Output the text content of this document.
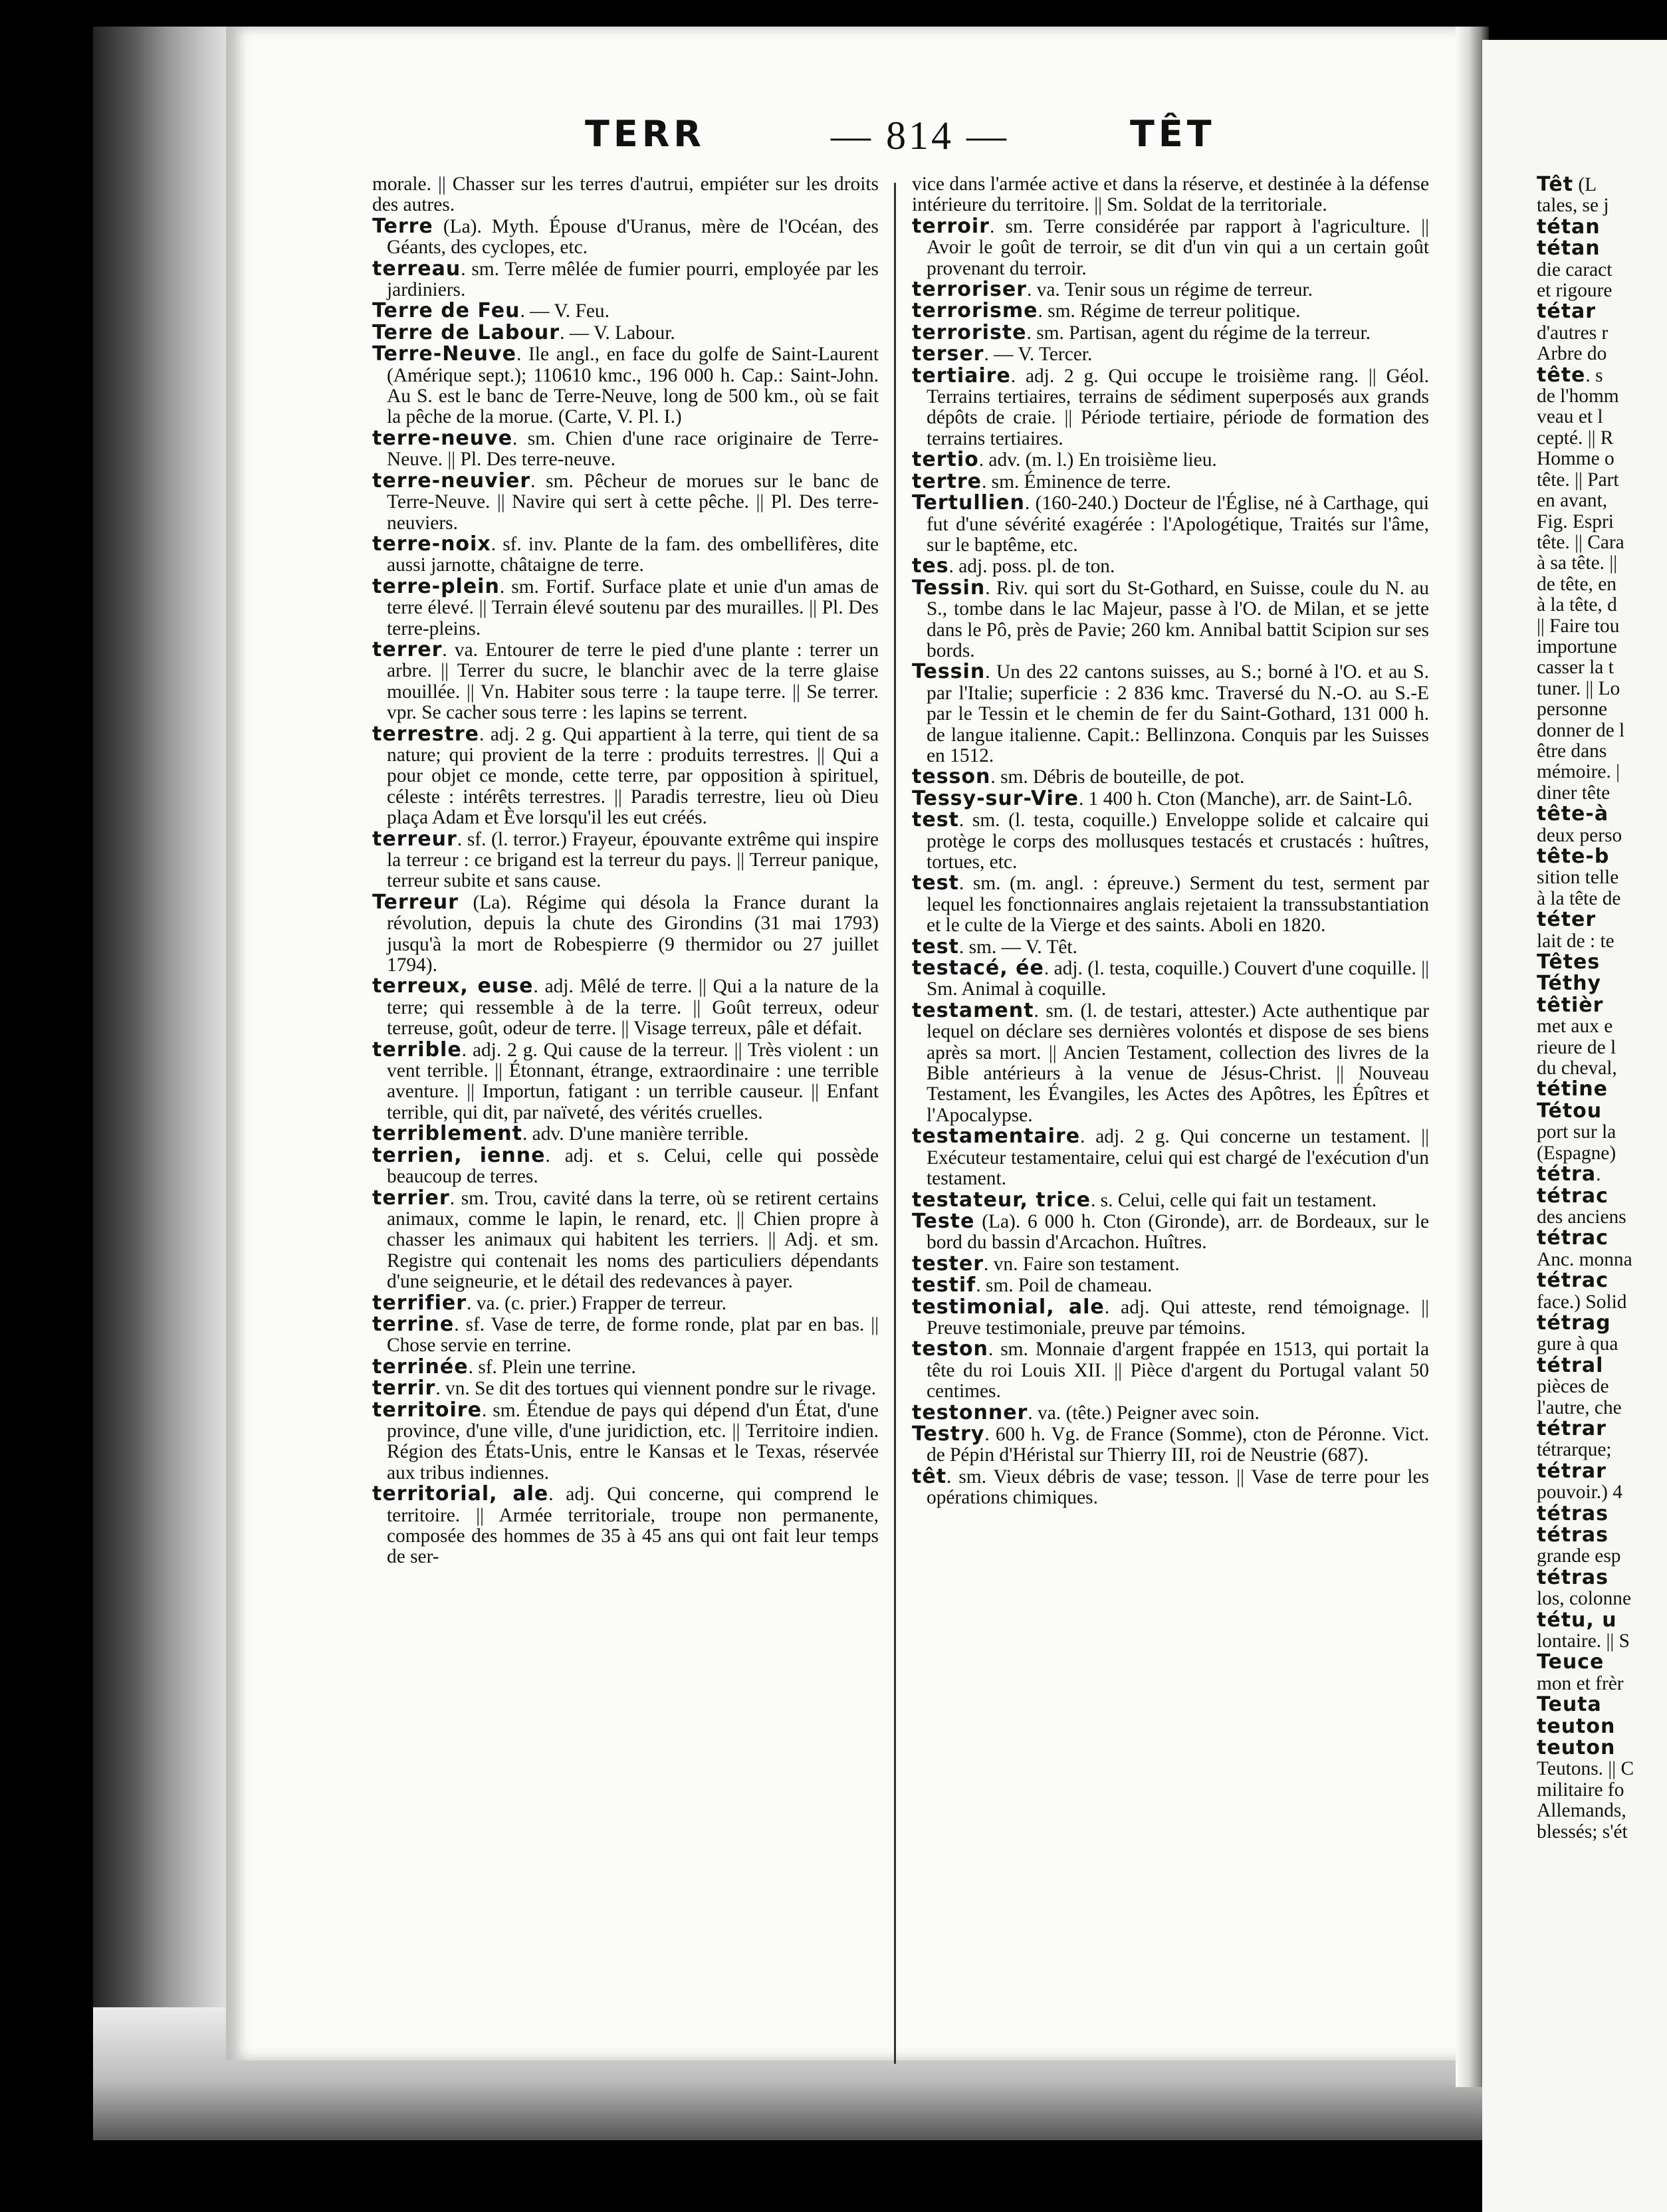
TERR	— 814 —	TÊT

morale. || Chasser sur les terres d'autrui, empiéter sur les droits des autres.

Terre (La). Myth. Épouse d'Uranus, mère de l'Océan, des Géants, des cyclopes, etc.

terreau. sm. Terre mêlée de fumier pourri, employée par les jardiniers.

Terre de Feu. — V. Feu.

Terre de Labour. — V. Labour.

Terre-Neuve. Ile angl., en face du golfe de Saint-Laurent (Amérique sept.); 110610 kmc., 196 000 h. Cap.: Saint-John. Au S. est le banc de Terre-Neuve, long de 500 km., où se fait la pêche de la morue. (Carte, V. Pl. I.)

terre-neuve. sm. Chien d'une race originaire de Terre-Neuve. || Pl. Des terre-neuve.

terre-neuvier. sm. Pêcheur de morues sur le banc de Terre-Neuve. || Navire qui sert à cette pêche. || Pl. Des terre-neuviers.

terre-noix. sf. inv. Plante de la fam. des ombellifères, dite aussi jarnotte, châtaigne de terre.

terre-plein. sm. Fortif. Surface plate et unie d'un amas de terre élevé. || Terrain élevé soutenu par des murailles. || Pl. Des terre-pleins.

terrer. va. Entourer de terre le pied d'une plante : terrer un arbre. || Terrer du sucre, le blanchir avec de la terre glaise mouillée. || Vn. Habiter sous terre : la taupe terre. || Se terrer. vpr. Se cacher sous terre : les lapins se terrent.

terrestre. adj. 2 g. Qui appartient à la terre, qui tient de sa nature; qui provient de la terre : produits terrestres. || Qui a pour objet ce monde, cette terre, par opposition à spirituel, céleste : intérêts terrestres. || Paradis terrestre, lieu où Dieu plaça Adam et Ève lorsqu'il les eut créés.

terreur. sf. (l. terror.) Frayeur, épouvante extrême qui inspire la terreur : ce brigand est la terreur du pays. || Terreur panique, terreur subite et sans cause.

Terreur (La). Régime qui désola la France durant la révolution, depuis la chute des Girondins (31 mai 1793) jusqu'à la mort de Robespierre (9 thermidor ou 27 juillet 1794).

terreux, euse. adj. Mêlé de terre. || Qui a la nature de la terre; qui ressemble à de la terre. || Goût terreux, odeur terreuse, goût, odeur de terre. || Visage terreux, pâle et défait.

terrible. adj. 2 g. Qui cause de la terreur. || Très violent : un vent terrible. || Étonnant, étrange, extraordinaire : une terrible aventure. || Importun, fatigant : un terrible causeur. || Enfant terrible, qui dit, par naïveté, des vérités cruelles.

terriblement. adv. D'une manière terrible.

terrien, ienne. adj. et s. Celui, celle qui possède beaucoup de terres.

terrier. sm. Trou, cavité dans la terre, où se retirent certains animaux, comme le lapin, le renard, etc. || Chien propre à chasser les animaux qui habitent les terriers. || Adj. et sm. Registre qui contenait les noms des particuliers dépendants d'une seigneurie, et le détail des redevances à payer.

terrifier. va. (c. prier.) Frapper de terreur.

terrine. sf. Vase de terre, de forme ronde, plat par en bas. || Chose servie en terrine.

terrinée. sf. Plein une terrine.

terrir. vn. Se dit des tortues qui viennent pondre sur le rivage.

territoire. sm. Étendue de pays qui dépend d'un État, d'une province, d'une ville, d'une juridiction, etc. || Territoire indien. Région des États-Unis, entre le Kansas et le Texas, réservée aux tribus indiennes.

territorial, ale. adj. Qui concerne, qui comprend le territoire. || Armée territoriale, troupe non permanente, composée des hommes de 35 à 45 ans qui ont fait leur temps de ser-

vice dans l'armée active et dans la réserve, et destinée à la défense intérieure du territoire. || Sm. Soldat de la territoriale.

terroir. sm. Terre considérée par rapport à l'agriculture. || Avoir le goût de terroir, se dit d'un vin qui a un certain goût provenant du terroir.

terroriser. va. Tenir sous un régime de terreur.

terrorisme. sm. Régime de terreur politique.

terroriste. sm. Partisan, agent du régime de la terreur.

terser. — V. Tercer.

tertiaire. adj. 2 g. Qui occupe le troisième rang. || Géol. Terrains tertiaires, terrains de sédiment superposés aux grands dépôts de craie. || Période tertiaire, période de formation des terrains tertiaires.

tertio. adv. (m. l.) En troisième lieu.

tertre. sm. Éminence de terre.

Tertullien. (160-240.) Docteur de l'Église, né à Carthage, qui fut d'une sévérité exagérée : l'Apologétique, Traités sur l'âme, sur le baptême, etc.

tes. adj. poss. pl. de ton.

Tessin. Riv. qui sort du St-Gothard, en Suisse, coule du N. au S., tombe dans le lac Majeur, passe à l'O. de Milan, et se jette dans le Pô, près de Pavie; 260 km. Annibal battit Scipion sur ses bords.

Tessin. Un des 22 cantons suisses, au S.; borné à l'O. et au S. par l'Italie; superficie : 2 836 kmc. Traversé du N.-O. au S.-E par le Tessin et le chemin de fer du Saint-Gothard, 131 000 h. de langue italienne. Capit.: Bellinzona. Conquis par les Suisses en 1512.

tesson. sm. Débris de bouteille, de pot.

Tessy-sur-Vire. 1 400 h. Cton (Manche), arr. de Saint-Lô.

test. sm. (l. testa, coquille.) Enveloppe solide et calcaire qui protège le corps des mollusques testacés et crustacés : huîtres, tortues, etc.

test. sm. (m. angl. : épreuve.) Serment du test, serment par lequel les fonctionnaires anglais rejetaient la transsubstantiation et le culte de la Vierge et des saints. Aboli en 1820.

test. sm. — V. Têt.

testacé, ée. adj. (l. testa, coquille.) Couvert d'une coquille. || Sm. Animal à coquille.

testament. sm. (l. de testari, attester.) Acte authentique par lequel on déclare ses dernières volontés et dispose de ses biens après sa mort. || Ancien Testament, collection des livres de la Bible antérieurs à la venue de Jésus-Christ. || Nouveau Testament, les Évangiles, les Actes des Apôtres, les Épîtres et l'Apocalypse.

testamentaire. adj. 2 g. Qui concerne un testament. || Exécuteur testamentaire, celui qui est chargé de l'exécution d'un testament.

testateur, trice. s. Celui, celle qui fait un testament.

Teste (La). 6 000 h. Cton (Gironde), arr. de Bordeaux, sur le bord du bassin d'Arcachon. Huîtres.

tester. vn. Faire son testament.

testif. sm. Poil de chameau.

testimonial, ale. adj. Qui atteste, rend témoignage. || Preuve testimoniale, preuve par témoins.

teston. sm. Monnaie d'argent frappée en 1513, qui portait la tête du roi Louis XII. || Pièce d'argent du Portugal valant 50 centimes.

testonner. va. (tête.) Peigner avec soin.

Testry. 600 h. Vg. de France (Somme), cton de Péronne. Vict. de Pépin d'Héristal sur Thierry III, roi de Neustrie (687).

têt. sm. Vieux débris de vase; tesson. || Vase de terre pour les opérations chimiques.

Têt (L

tales, se j

tétan

tétan

die caract

et rigoure

tétar

d'autres r

Arbre do

tête. s

de l'homm

veau et l

cepté. || R

Homme o

tête. || Part

en avant,

Fig. Espri

tête. || Cara

à sa tête. ||

de tête, en

à la tête, d

|| Faire tou

importune

casser la t

tuner. || Lo

personne

donner de l

être dans

mémoire. |

diner tête

tête-à

deux perso

tête-b

sition telle

à la tête de

téter

lait de : te

Têtes

Téthy

têtièr

met aux e

rieure de l

du cheval,

tétine

Tétou

port sur la

(Espagne)

tétra.

tétrac

des anciens

tétrac

Anc. monna

tétrac

face.) Solid

tétrag

gure à qua

tétral

pièces de

l'autre, che

tétrar

tétrarque;

tétrar

pouvoir.) 4

tétras

tétras

grande esp

tétras

los, colonne

tétu, u

lontaire. || S

Teuce

mon et frèr

Teuta

teuton

teuton

Teutons. || C

militaire fo

Allemands,

blessés; s'ét
